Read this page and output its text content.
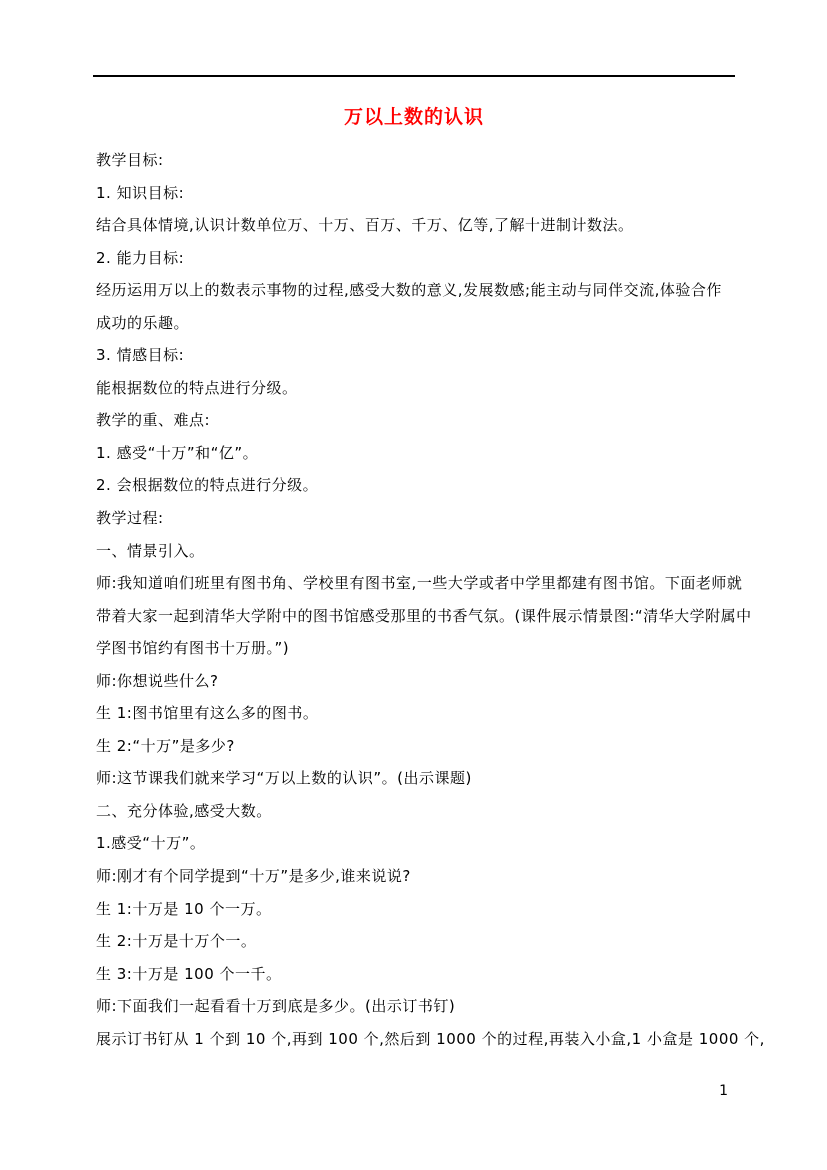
万以上数的认识
教学目标:
1. 知识目标:
结合具体情境,认识计数单位万、十万、百万、千万、亿等,了解十进制计数法。
2. 能力目标:
经历运用万以上的数表示事物的过程,感受大数的意义,发展数感;能主动与同伴交流,体验合作
成功的乐趣。
3. 情感目标:
能根据数位的特点进行分级。
教学的重、难点:
1. 感受“十万”和“亿”。
2. 会根据数位的特点进行分级。
教学过程:
一、情景引入。
师:我知道咱们班里有图书角、学校里有图书室,一些大学或者中学里都建有图书馆。下面老师就
带着大家一起到清华大学附中的图书馆感受那里的书香气氛。(课件展示情景图:“清华大学附属中
学图书馆约有图书十万册。”)
师:你想说些什么?
生 1:图书馆里有这么多的图书。
生 2:“十万”是多少?
师:这节课我们就来学习“万以上数的认识”。(出示课题)
二、充分体验,感受大数。
1.感受“十万”。
师:刚才有个同学提到“十万”是多少,谁来说说?
生 1:十万是 10 个一万。
生 2:十万是十万个一。
生 3:十万是 100 个一千。
师:下面我们一起看看十万到底是多少。(出示订书钉)
展示订书钉从 1 个到 10 个,再到 100 个,然后到 1000 个的过程,再装入小盒,1 小盒是 1000 个,
1
